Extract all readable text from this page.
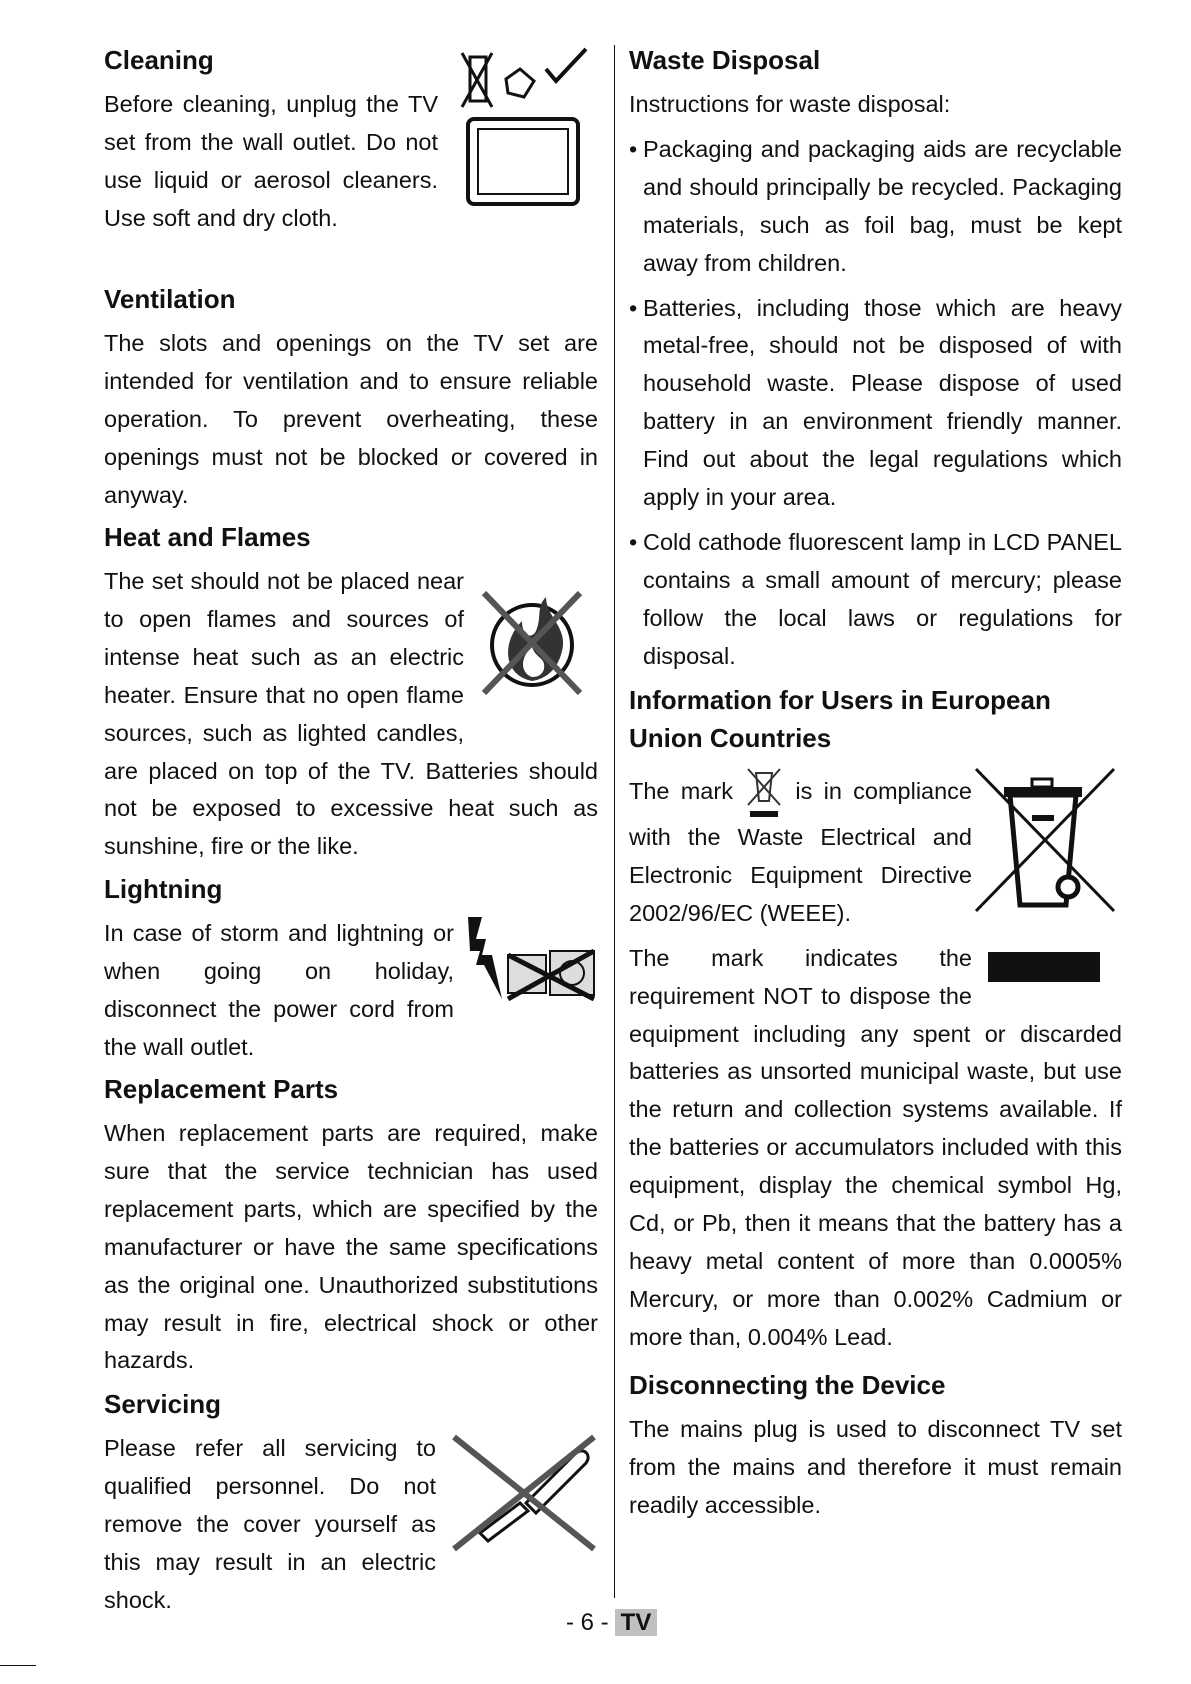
Cleaning

Before cleaning, unplug the TV set from the wall outlet. Do not use liquid or aerosol cleaners. Use soft and dry cloth.

Ventilation

The slots and openings on the TV set are intended for ventilation and to ensure reliable operation. To prevent overheating, these openings must not be blocked or covered in anyway.

Heat and Flames

The set should not be placed near to open flames and sources of intense heat such as an electric heater. Ensure that no open flame sources, such as lighted candles, are placed on top of the TV. Batteries should not be exposed to excessive heat such as sunshine, fire or the like.

Lightning

In case of storm and lightning or when going on holiday, disconnect the power cord from the wall outlet.

Replacement Parts

When replacement parts are required, make sure that the service technician has used replacement parts, which are specified by the manufacturer or have the same specifications as the original one. Unauthorized substitutions may result in fire, electrical shock or other hazards.

Servicing

Please refer all servicing to qualified personnel. Do not remove the cover yourself as this may result in an electric shock.

Waste Disposal

Instructions for waste disposal:

• Packaging and packaging aids are recyclable and should principally be recycled. Packaging materials, such as foil bag, must be kept away from children.
• Batteries, including those which are heavy metal-free, should not be disposed of with household waste. Please dispose of used battery in an environment friendly manner. Find out about the legal regulations which apply in your area.
• Cold cathode fluorescent lamp in LCD PANEL contains a small amount of mercury; please follow the local laws or regulations for disposal.
Information for Users in European Union Countries

The mark	is in compliance with the Waste Electrical and Electronic Equipment Directive 2002/96/EC (WEEE).

The mark indicates the requirement NOT to dispose the equipment including any spent or discarded batteries as unsorted municipal waste, but use the return and collection systems available. If the batteries or accumulators included with this equipment, display the chemical symbol Hg, Cd, or Pb, then it means that the battery has a heavy metal content of more than 0.0005% Mercury, or more than 0.002% Cadmium or more than, 0.004% Lead.

Disconnecting the Device

The mains plug is used to disconnect TV set from the mains and therefore it must remain readily accessible.

- 6 - TV
